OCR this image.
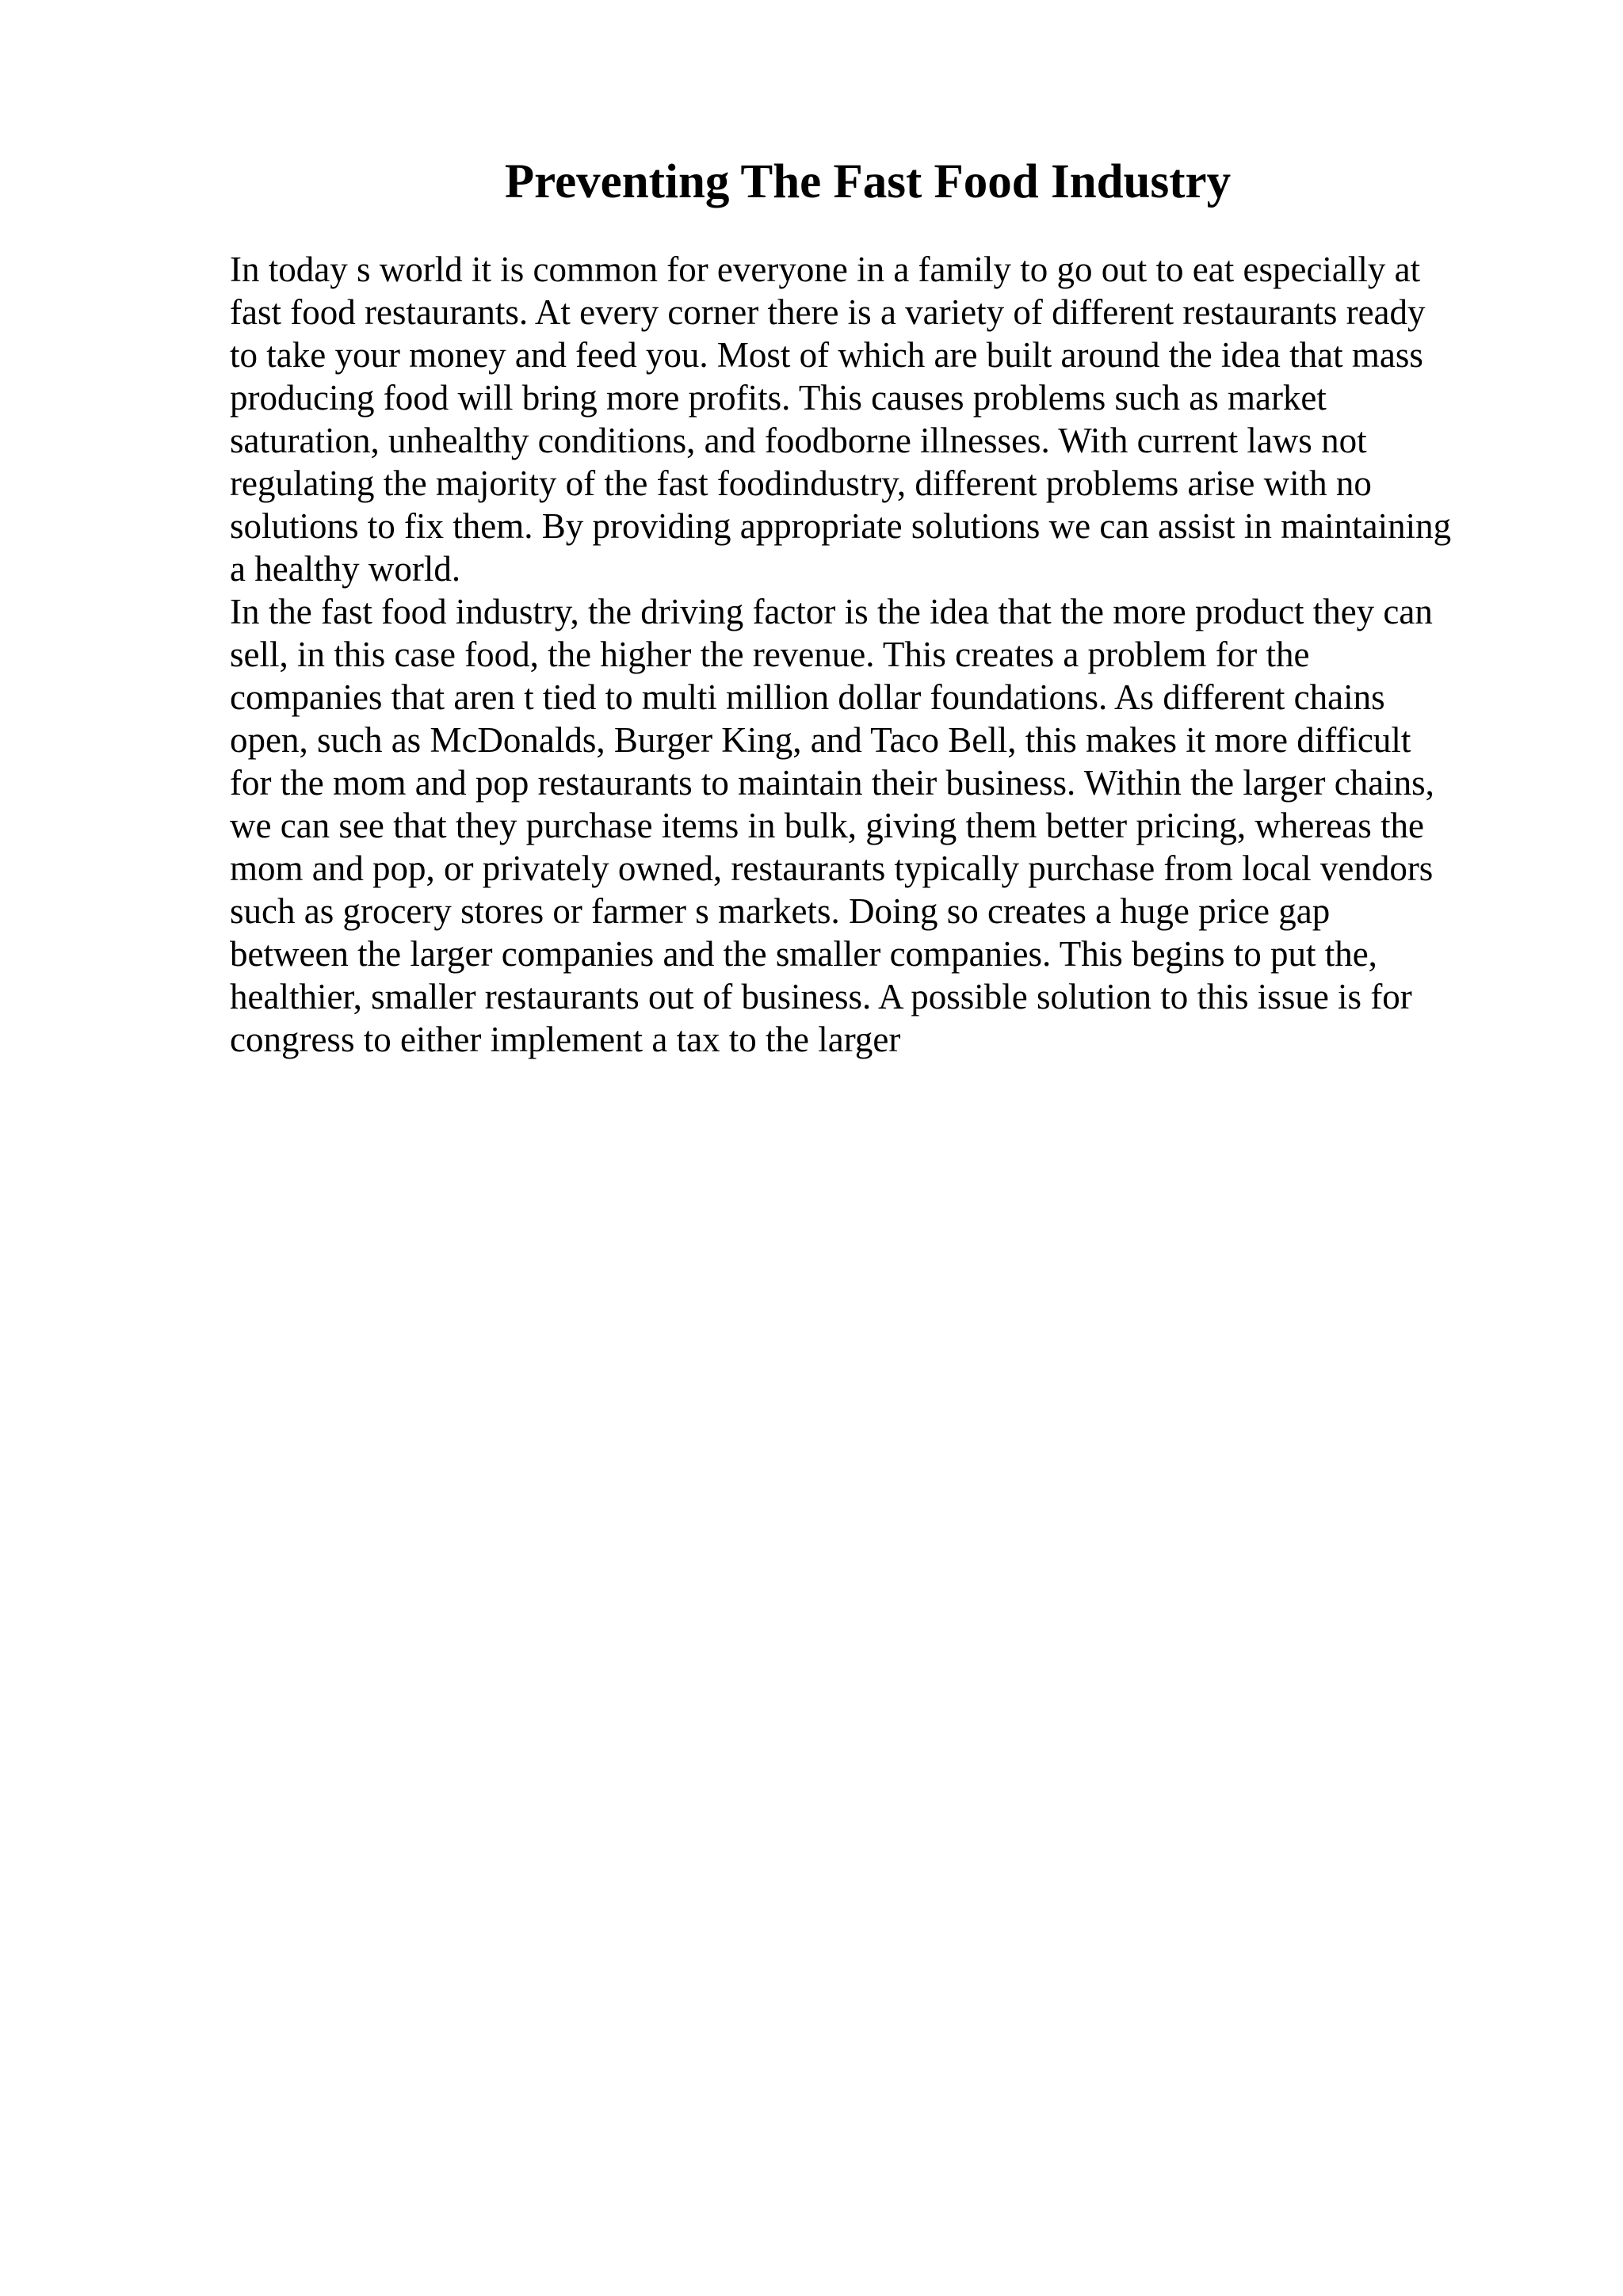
Preventing The Fast Food Industry

In today s world it is common for everyone in a family to go out to eat especially at
fast food restaurants. At every corner there is a variety of different restaurants ready
to take your money and feed you. Most of which are built around the idea that mass
producing food will bring more profits. This causes problems such as market
saturation, unhealthy conditions, and foodborne illnesses. With current laws not
regulating the majority of the fast foodindustry, different problems arise with no
solutions to fix them. By providing appropriate solutions we can assist in maintaining
a healthy world.

In the fast food industry, the driving factor is the idea that the more product they can
sell, in this case food, the higher the revenue. This creates a problem for the
companies that aren t tied to multi million dollar foundations. As different chains
open, such as McDonalds, Burger King, and Taco Bell, this makes it more difficult
for the mom and pop restaurants to maintain their business. Within the larger chains,
we can see that they purchase items in bulk, giving them better pricing, whereas the
mom and pop, or privately owned, restaurants typically purchase from local vendors
such as grocery stores or farmer s markets. Doing so creates a huge price gap
between the larger companies and the smaller companies. This begins to put the,
healthier, smaller restaurants out of business. A possible solution to this issue is for
congress to either implement a tax to the larger
